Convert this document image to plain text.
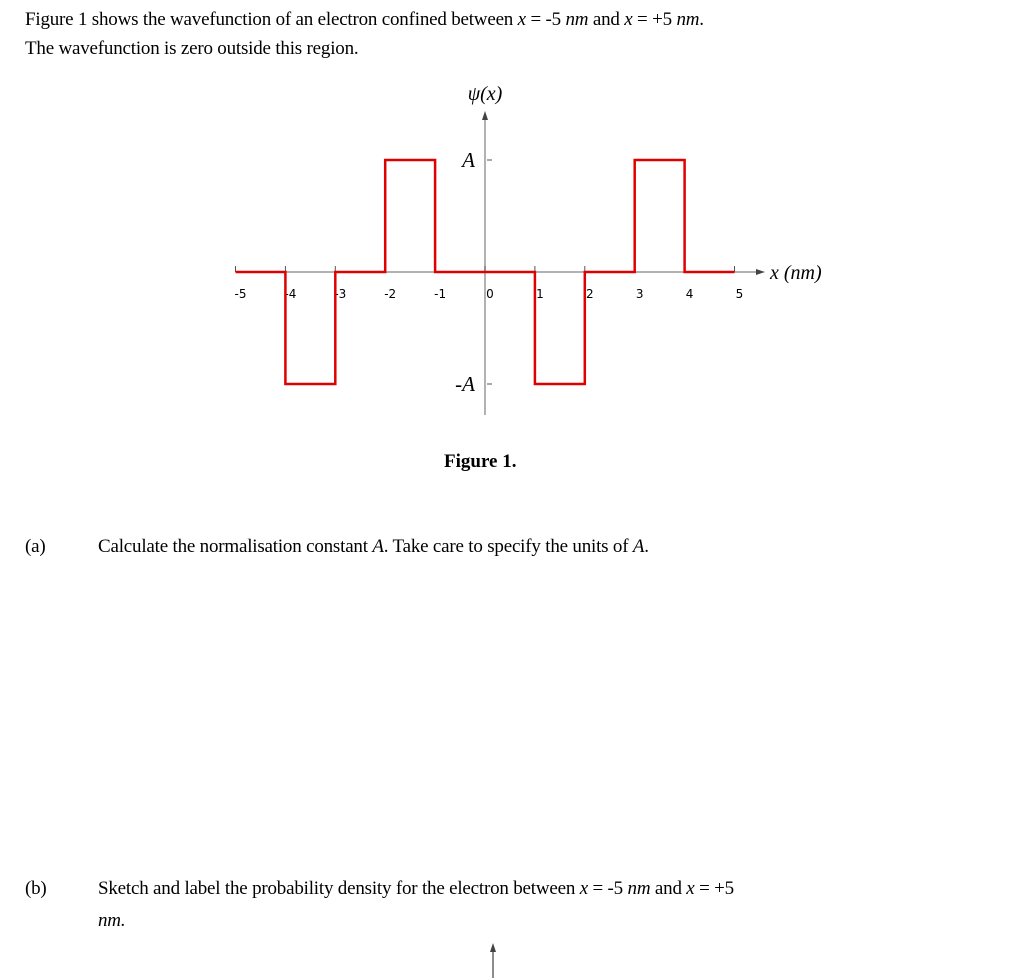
Figure 1 shows the wavefunction of an electron confined between x = -5 nm and x = +5 nm.
The wavefunction is zero outside this region.
-5	-4	-3	-2	-1	0	1	2	3	4	5
A
-A
ψ(x)
x (nm)
Figure 1.
(a)	Calculate the normalisation constant A. Take care to specify the units of A.
(b)	Sketch and label the probability density for the electron between x = -5 nm and x = +5
nm.
